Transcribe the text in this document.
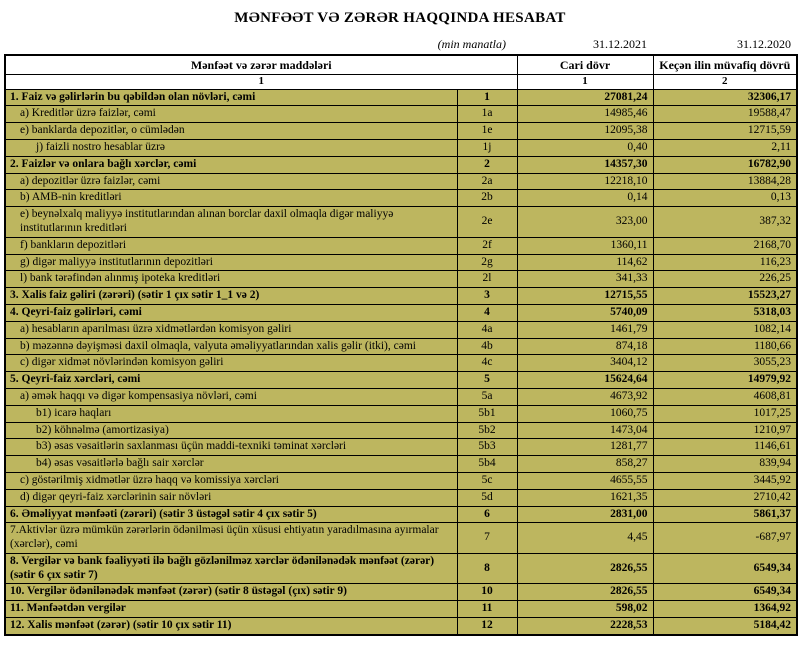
MƏNFƏƏT VƏ ZƏRƏR HAQQINDA HESABAT
(min manatla)	31.12.2021	31.12.2020
Mənfəət və zərər maddələri		Cari dövr	Keçən ilin müvafiq dövrü
1		1	2
1. Faiz və gəlirlərin bu qəbildən olan növləri, cəmi	1	27081,24	32306,17
a) Kreditlər üzrə faizlər, cəmi	1a	14985,46	19588,47
e) banklarda depozitlər, o cümlədən	1e	12095,38	12715,59
j) faizli nostro hesablar üzrə	1j	0,40	2,11
2. Faizlər və onlara bağlı xərclər, cəmi	2	14357,30	16782,90
a) depozitlər üzrə faizlər, cəmi	2a	12218,10	13884,28
b) AMB-nin kreditləri	2b	0,14	0,13
e) beynəlxalq maliyyə institutlarından alınan borclar daxil olmaqla digər maliyyə institutlarının kreditləri	2e	323,00	387,32
f) bankların depozitləri	2f	1360,11	2168,70
g) digər maliyyə institutlarının depozitləri	2g	114,62	116,23
l) bank tərəfindən alınmış ipoteka kreditləri	2l	341,33	226,25
3. Xalis faiz gəliri (zərəri) (sətir 1 çıx sətir 1_1 və 2)	3	12715,55	15523,27
4. Qeyri-faiz gəlirləri, cəmi	4	5740,09	5318,03
a) hesabların aparılması üzrə xidmətlərdən komisyon gəliri	4a	1461,79	1082,14
b) məzənnə dəyişməsi daxil olmaqla, valyuta əməliyyatlarından xalis gəlir (itki), cəmi	4b	874,18	1180,66
c) digər xidmət növlərindən komisyon gəliri	4c	3404,12	3055,23
5. Qeyri-faiz xərcləri, cəmi	5	15624,64	14979,92
a) əmək haqqı və digər kompensasiya növləri, cəmi	5a	4673,92	4608,81
b1) icarə haqları	5b1	1060,75	1017,25
b2) köhnəlmə (amortizasiya)	5b2	1473,04	1210,97
b3) əsas vəsaitlərin saxlanması üçün maddi-texniki təminat xərcləri	5b3	1281,77	1146,61
b4) əsas vəsaitlərlə bağlı sair xərclər	5b4	858,27	839,94
c) göstərilmiş xidmətlər üzrə haqq və komissiya xərcləri	5c	4655,55	3445,92
d) digər qeyri-faiz xərclərinin sair növləri	5d	1621,35	2710,42
6. Əməliyyat mənfəəti (zərəri) (sətir 3 üstəgəl sətir 4 çıx sətir 5)	6	2831,00	5861,37
7.Aktivlər üzrə mümkün zərərlərin ödənilməsi üçün xüsusi ehtiyatın yaradılmasına ayırmalar (xərclər), cəmi	7	4,45	-687,97
8. Vergilər və bank fəaliyyəti ilə bağlı gözlənilməz xərclər ödənilənədək mənfəət (zərər) (sətir 6 çıx sətir 7)	8	2826,55	6549,34
10. Vergilər ödənilənədək mənfəət (zərər) (sətir 8 üstəgəl (çıx) sətir 9)	10	2826,55	6549,34
11. Mənfəətdən vergilər	11	598,02	1364,92
12. Xalis mənfəət (zərər) (sətir 10 çıx sətir 11)	12	2228,53	5184,42
